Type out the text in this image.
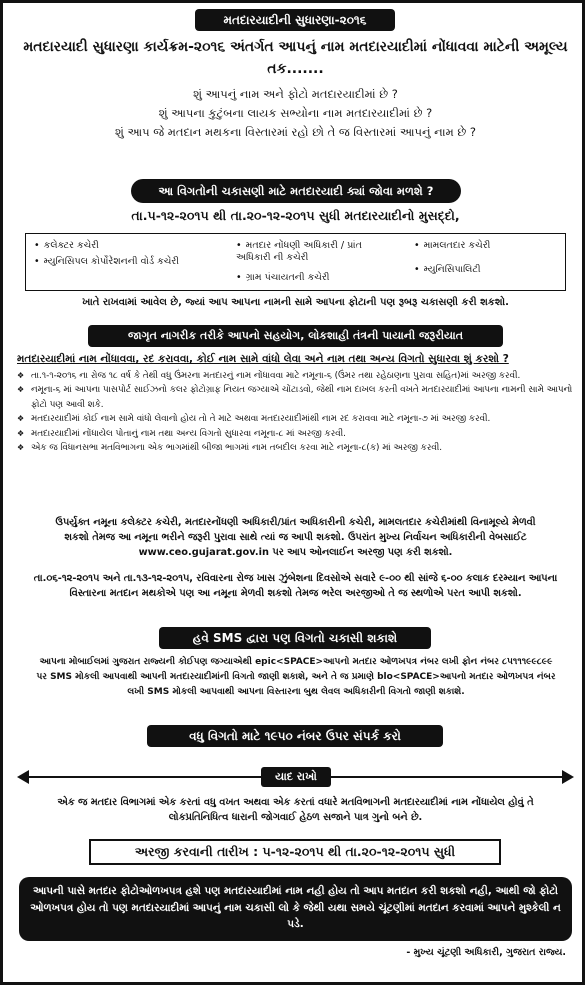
મતદારયાદીની સુધારણા-૨૦૧૬
મતદારયાદી સુધારણા કાર્યક્રમ-૨૦૧૬ અંતર્ગત આપનું નામ મતદારયાદીમાં નોંધાવવા માટેની અમૂલ્ય તક.......
શું આપનું નામ અને ફોટો મતદારયાદીમાં છે ?
શું આપના કુટુંબના લાયક સભ્યોના નામ મતદારયાદીમાં છે ?
શું આપ જે મતદાન મથકના વિસ્તારમાં રહો છો તે જ વિસ્તારમાં આપનું નામ છે ?
આ વિગતોની ચકાસણી માટે મતદારયાદી ક્યાં જોવા મળશે ?
તા.૫-૧૨-૨૦૧૫ થી તા.૨૦-૧૨-૨૦૧૫ સુધી મતદારયાદીનો મુસદ્દો,
• કલેક્ટર કચેરી
• મ્યુનિસિપલ કોર્પોરેશનની વોર્ડ કચેરી
• મતદાર નોંધણી અધિકારી / પ્રાંત અધિકારી ની કચેરી
• ગ્રામ પંચાયતની કચેરી
• મામલતદાર કચેરી
• મ્યુનિસિપાલિટી
ખાતે રાખવામાં આવેલ છે, જ્યાં આપ આપના નામની સામે આપના ફોટાની પણ રૂબરૂ ચકાસણી કરી શકશો.
જાગૃત નાગરીક તરીકે આપનો સહયોગ, લોકશાહી તંત્રની પાયાની જરૂરીયાત
મતદારયાદીમાં નામ નોંધાવવા, રદ કરાવવા, કોઈ નામ સામે વાંધો લેવા અને નામ તથા અન્ય વિગતો સુધારવા શું કરશો ?
❖ તા.૧-૧-૨૦૧૬ ના રોજ ૧૮ વર્ષ કે તેથી વધુ ઉંમરના મતદારનું નામ નોંધાવવા માટે નમૂના-૬ (ઉંમર તથા રહેઠાણના પુરાવા સહિત)માં અરજી કરવી.
❖ નમૂના-૬ માં આપના પાસપોર્ટ સાઈઝનો કલર ફોટોગ્રાફ નિયત જગ્યાએ ચોંટાડવો, જેથી નામ દાખલ કરતી વખતે મતદારયાદીમાં આપના નામની સામે આપનો ફોટો પણ આવી શકે.
❖ મતદારયાદીમાં કોઈ નામ સામે વાંધો લેવાનો હોય તો તે માટે અથવા મતદારયાદીમાંથી નામ રદ કરાવવા માટે નમૂના-૭ માં અરજી કરવી.
❖ મતદારયાદીમાં નોંધાયેલ પોતાનું નામ તથા અન્ય વિગતો સુધારવા નમૂના-૮ માં અરજી કરવી.
❖ એક જ વિધાનસભા મતવિભાગના એક ભાગમાંથી બીજા ભાગમાં નામ તબદીલ કરવા માટે નમૂના-૮(ક) માં અરજી કરવી.
ઉપર્યુક્ત નમૂના કલેક્ટર કચેરી, મતદારનોંધણી અધિકારી/પ્રાંત અધિકારીની કચેરી, મામલતદાર કચેરીમાંથી વિનામૂલ્યે મેળવી શકશો તેમજ આ નમૂના ભરીને જરૂરી પુરાવા સાથે ત્યાં જ આપી શકશો. ઉપરાંત મુખ્ય નિર્વાચન અધિકારીની વેબસાઈટ www.ceo.gujarat.gov.in પર આપ ઓનલાઈન અરજી પણ કરી શકશો.
તા.૦૬-૧૨-૨૦૧૫ અને તા.૧૩-૧૨-૨૦૧૫, રવિવારના રોજ ખાસ ઝુંબેશના દિવસોએ સવારે ૯-૦૦ થી સાંજે ૬-૦૦ કલાક દરમ્યાન આપના વિસ્તારના મતદાન મથકોએ પણ આ નમૂના મેળવી શકશો તેમજ ભરેલ અરજીઓ તે જ સ્થળોએ પરત આપી શકશો.
હવે SMS દ્વારા પણ વિગતો ચકાસી શકાશે
આપના મોબાઈલમાં ગુજરાત રાજ્યની કોઈપણ જગ્યાએથી epic<SPACE>આપનો મતદાર ઓળખપત્ર નંબર લખી ફોન નંબર ૮૫૧૧૧૯૯૮૯૯ પર SMS મોકલી આપવાથી આપની મતદારયાદીમાંની વિગતો જાણી શકાશે, અને તે જ પ્રમાણે blo<SPACE>આપનો મતદાર ઓળખપત્ર નંબર લખી SMS મોકલી આપવાથી આપના વિસ્તારના બુથ લેવલ અધિકારીની વિગતો જાણી શકાશે.
વધુ વિગતો માટે ૧૯૫૦ નંબર ઉપર સંપર્ક કરો
યાદ રાખો
એક જ મતદાર વિભાગમાં એક કરતાં વધુ વખત અથવા એક કરતાં વધારે મતવિભાગની મતદારયાદીમાં નામ નોંધાયેલ હોવું તે લોકપ્રતિનિધિત્વ ધારાની જોગવાઈ હેઠળ સજાને પાત્ર ગુનો બને છે.
અરજી કરવાની તારીખ : ૫-૧૨-૨૦૧૫ થી તા.૨૦-૧૨-૨૦૧૫ સુધી
આપની પાસે મતદાર ફોટોઓળખપત્ર હશે પણ મતદારયાદીમાં નામ નહી હોય તો આપ મતદાન કરી શકશો નહી, આથી જો ફોટો ઓળખપત્ર હોય તો પણ મતદારયાદીમાં આપનું નામ ચકાસી લો કે જેથી યથા સમયે ચૂંટણીમાં મતદાન કરવામાં આપને મુશ્કેલી ન પડે.
- મુખ્ય ચૂંટણી અધિકારી, ગુજરાત રાજ્ય.
